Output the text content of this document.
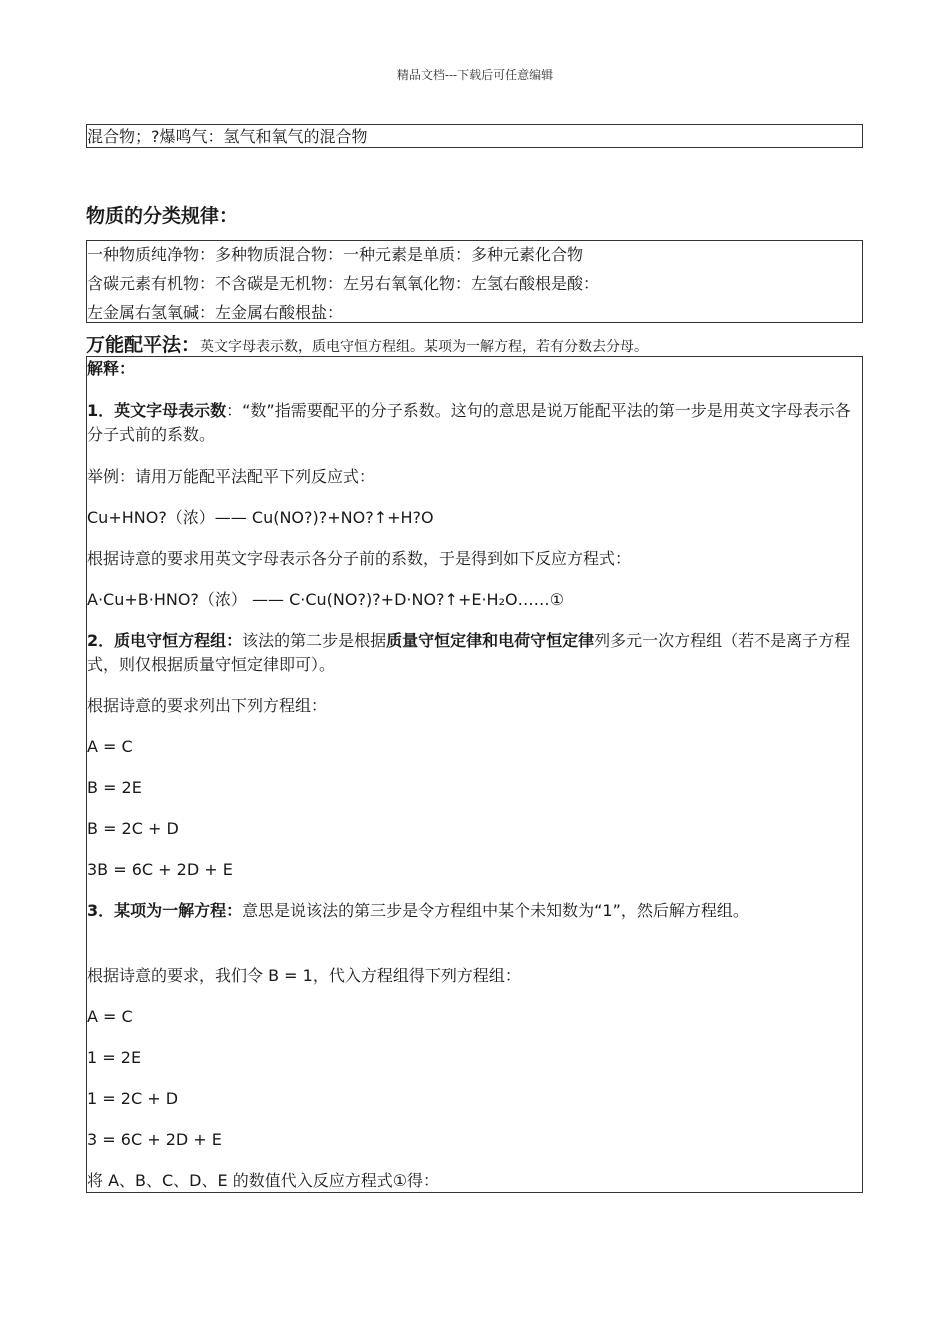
精品文档---下载后可任意编辑
混合物；?爆鸣气：氢气和氧气的混合物
物质的分类规律：
一种物质纯净物：多种物质混合物：一种元素是单质：多种元素化合物
含碳元素有机物：不含碳是无机物：左另右氧氧化物：左氢右酸根是酸：
左金属右氢氧碱：左金属右酸根盐：
万能配平法：英文字母表示数，质电守恒方程组。某项为一解方程，若有分数去分母。

解释：

1．英文字母表示数：“数”指需要配平的分子系数。这句的意思是说万能配平法的第一步是用英文字母表示各分子式前的系数。

举例：请用万能配平法配平下列反应式：

Cu+HNO?（浓）—— Cu(NO?)?+NO?↑+H?O

根据诗意的要求用英文字母表示各分子前的系数，于是得到如下反应方程式：

A·Cu+B·HNO?（浓） —— C·Cu(NO?)?+D·NO?↑+E·H₂O……①

2．质电守恒方程组：该法的第二步是根据质量守恒定律和电荷守恒定律列多元一次方程组（若不是离子方程式，则仅根据质量守恒定律即可）。

根据诗意的要求列出下列方程组：

A = C

B = 2E

B = 2C + D

3B = 6C + 2D + E

3．某项为一解方程：意思是说该法的第三步是令方程组中某个未知数为“1”，然后解方程组。

根据诗意的要求，我们令 B = 1，代入方程组得下列方程组：

A = C

1 = 2E

1 = 2C + D

3 = 6C + 2D + E

将 A、B、C、D、E 的数值代入反应方程式①得：
